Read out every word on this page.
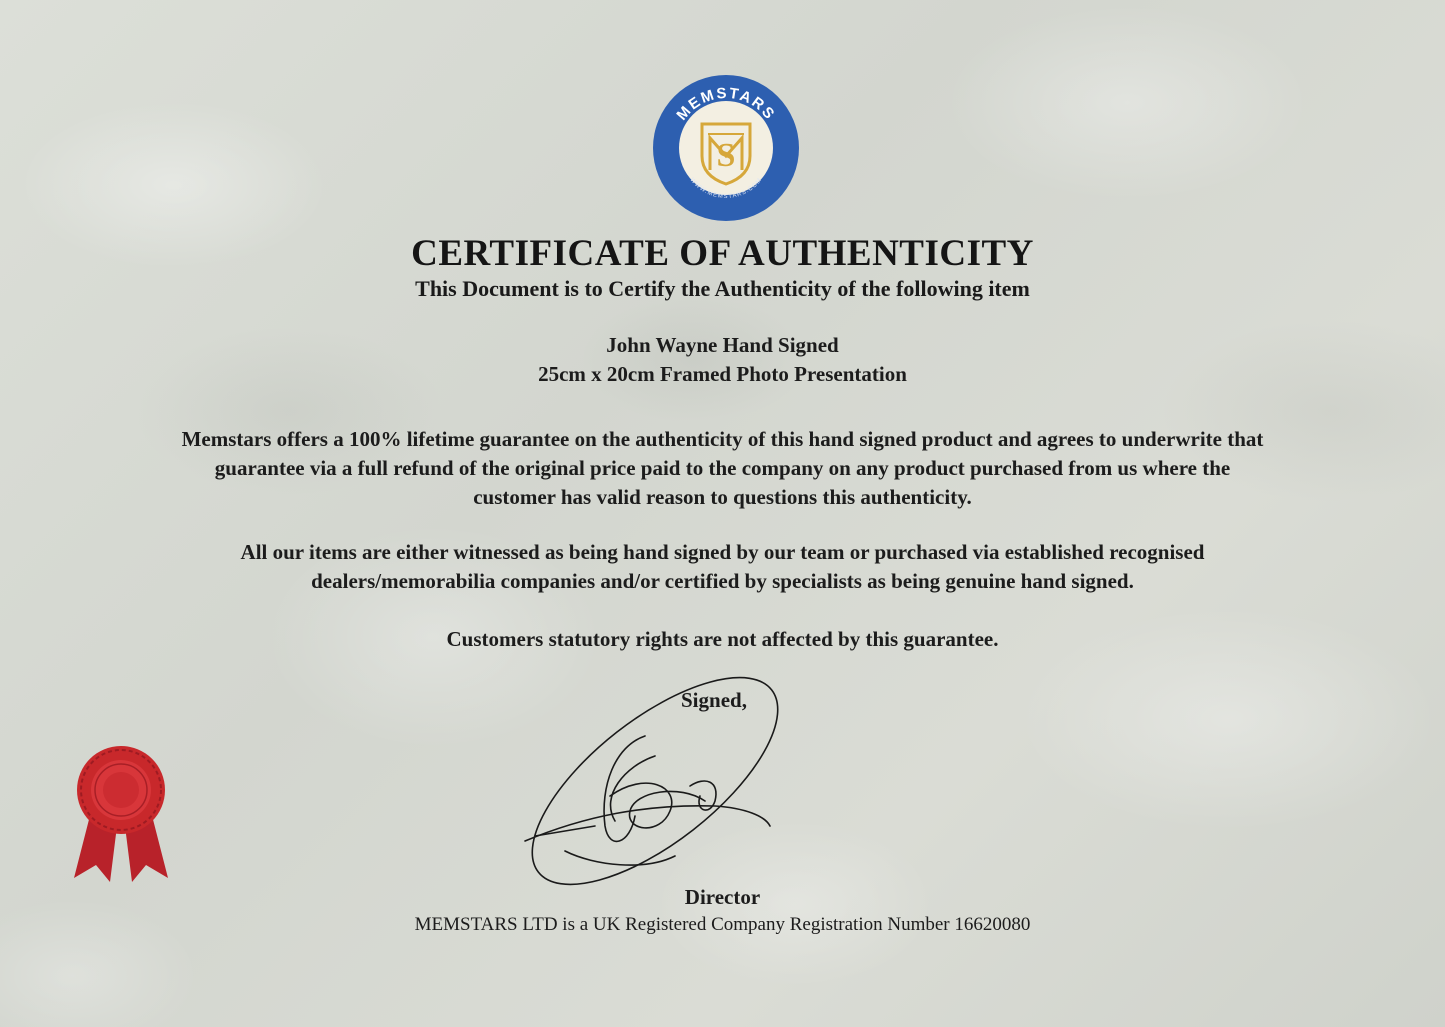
MEMSTARS
WWW.MEMSTARS.COM
S
CERTIFICATE OF AUTHENTICITY
This Document is to Certify the Authenticity of the following item
John Wayne Hand Signed
25cm x 20cm Framed Photo Presentation

Memstars offers a 100% lifetime guarantee on the authenticity of this hand signed product and agrees to underwrite that

guarantee via a full refund of the original price paid to the company on any product purchased from us where the

customer has valid reason to questions this authenticity.

All our items are either witnessed as being hand signed by our team or purchased via established recognised

dealers/memorabilia companies and/or certified by specialists as being genuine hand signed.

Customers statutory rights are not affected by this guarantee.

Signed,
Director
MEMSTARS LTD is a UK Registered Company Registration Number 16620080
